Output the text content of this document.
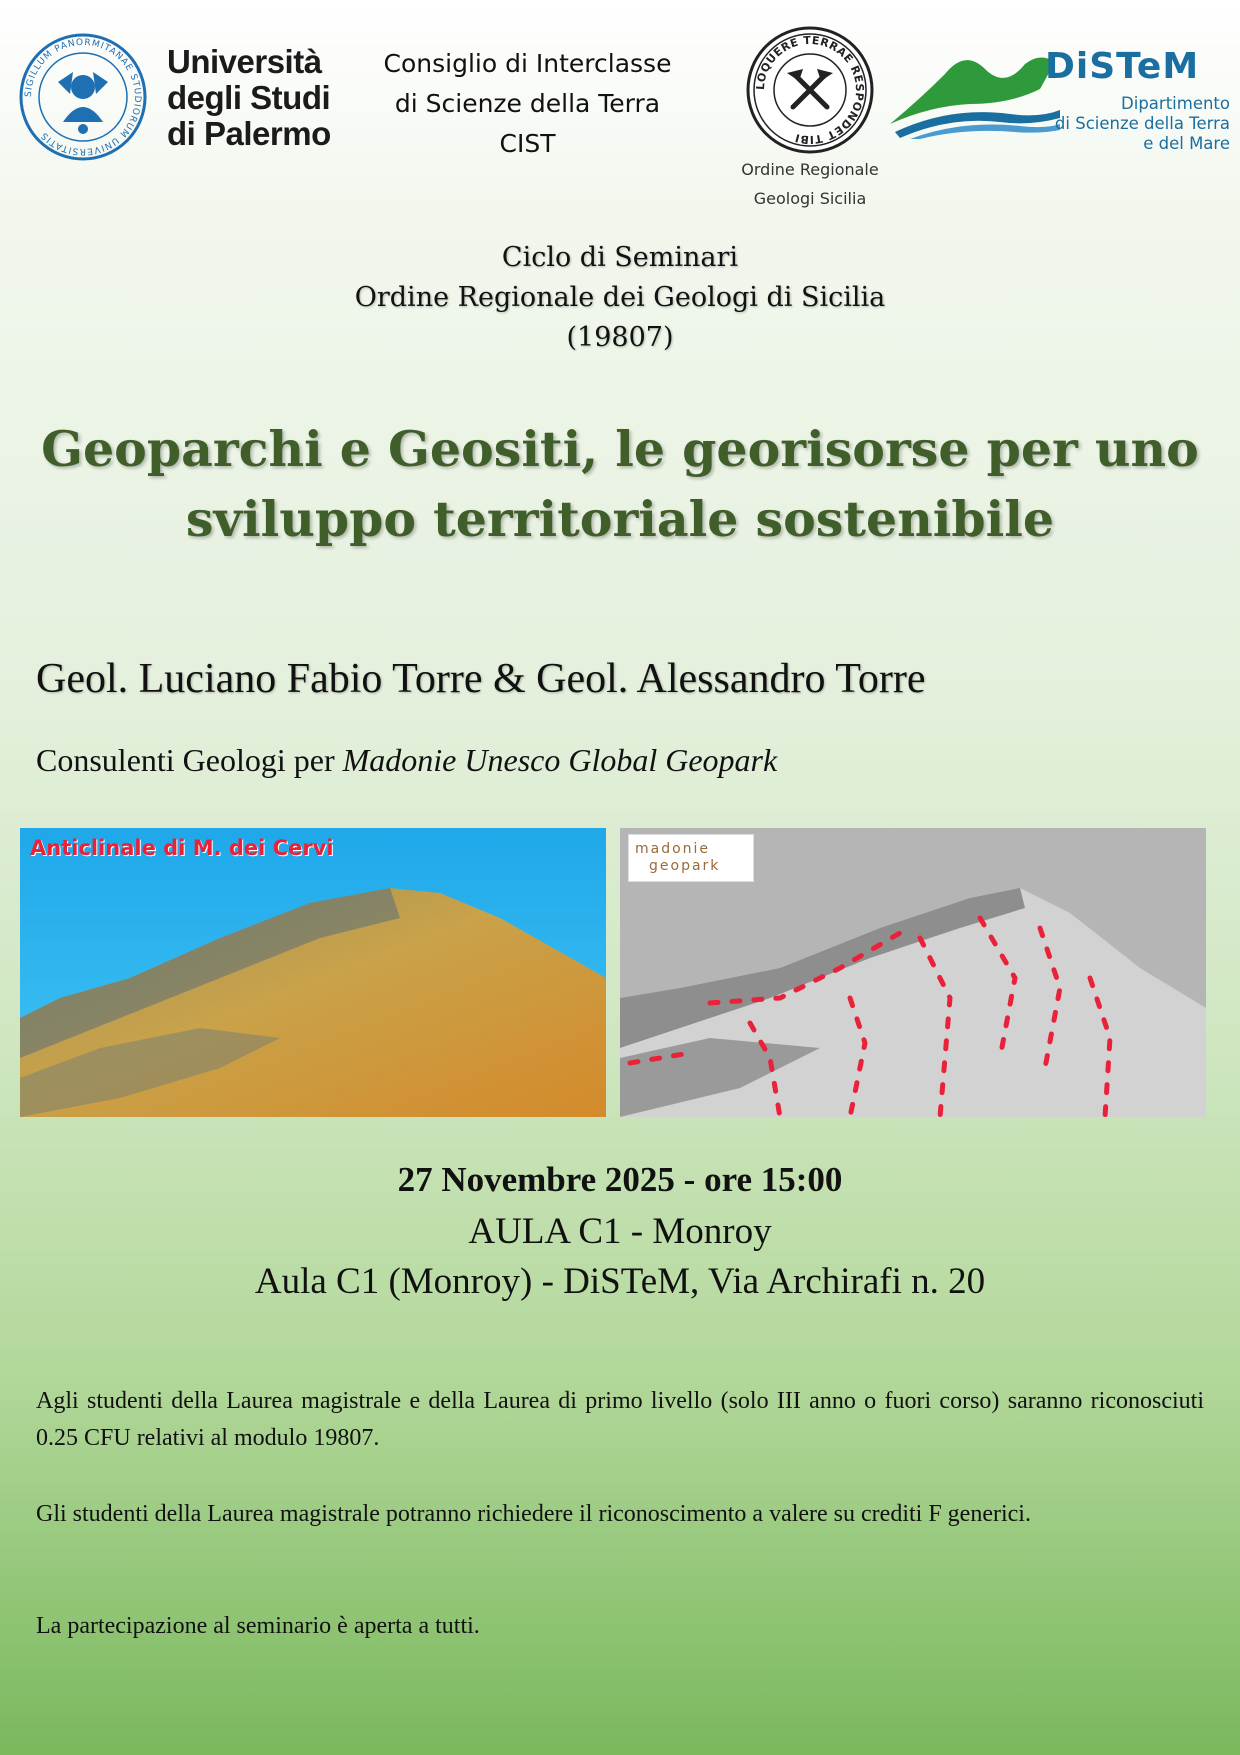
SIGILLUM PANORMITANAE STUDIORUM UNIVERSITATIS
Università
degli Studi
di Palermo
Consiglio di Interclasse
di Scienze della Terra
CIST
LOQUERE TERRAE RESPONDET TIBI
Ordine Regionale
Geologi Sicilia
DiSTeM
Dipartimento
di Scienze della Terra
e del Mare
Ciclo di Seminari
Ordine Regionale dei Geologi di Sicilia
(19807)
Geoparchi e Geositi, le georisorse per uno
sviluppo territoriale sostenibile
Geol. Luciano Fabio Torre & Geol. Alessandro Torre
Consulenti Geologi per Madonie Unesco Global Geopark
Anticlinale di M. dei Cervi	madonie
geopark
27 Novembre 2025 - ore 15:00
AULA C1 - Monroy
Aula C1 (Monroy) - DiSTeM, Via Archirafi n. 20
Agli studenti della Laurea magistrale e della Laurea di primo livello (solo III anno o fuori corso) saranno riconosciuti 0.25 CFU relativi al modulo 19807.
Gli studenti della Laurea magistrale potranno richiedere il riconoscimento a valere su crediti F generici.
La partecipazione al seminario è aperta a tutti.
